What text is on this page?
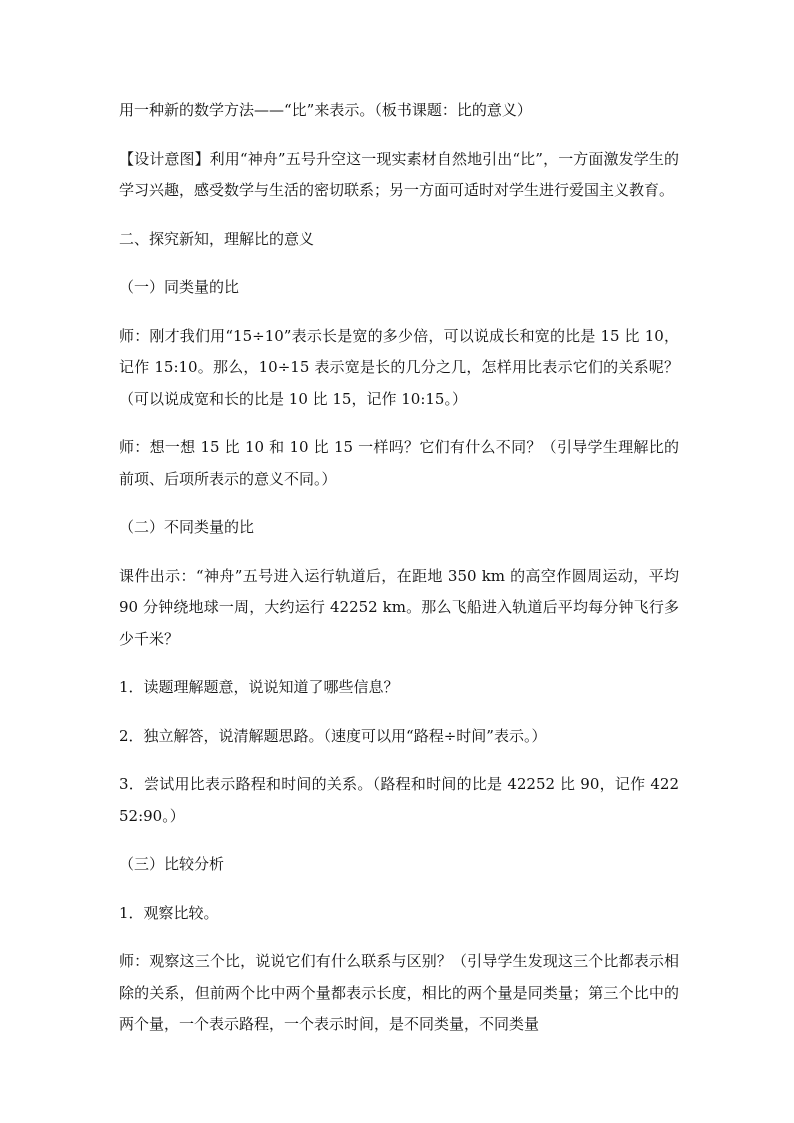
用一种新的数学方法——“比”来表示。（板书课题：比的意义）

【设计意图】利用“神舟”五号升空这一现实素材自然地引出“比”，一方面激发学生的学习兴趣，感受数学与生活的密切联系；另一方面可适时对学生进行爱国主义教育。

二、探究新知，理解比的意义

（一）同类量的比

师：刚才我们用“15÷10”表示长是宽的多少倍，可以说成长和宽的比是 15 比 10，记作 15:10。那么，10÷15 表示宽是长的几分之几，怎样用比表示它们的关系呢？（可以说成宽和长的比是 10 比 15，记作 10:15。）

师：想一想 15 比 10 和 10 比 15 一样吗？它们有什么不同？（引导学生理解比的前项、后项所表示的意义不同。）

（二）不同类量的比

课件出示：“神舟”五号进入运行轨道后，在距地 350 km 的高空作圆周运动，平均 90 分钟绕地球一周，大约运行 42252 km。那么飞船进入轨道后平均每分钟飞行多少千米？

1．读题理解题意，说说知道了哪些信息？

2．独立解答，说清解题思路。（速度可以用“路程÷时间”表示。）

3．尝试用比表示路程和时间的关系。（路程和时间的比是 42252 比 90，记作 42252:90。）

（三）比较分析

1．观察比较。

师：观察这三个比，说说它们有什么联系与区别？（引导学生发现这三个比都表示相除的关系，但前两个比中两个量都表示长度，相比的两个量是同类量；第三个比中的两个量，一个表示路程，一个表示时间，是不同类量，不同类量
